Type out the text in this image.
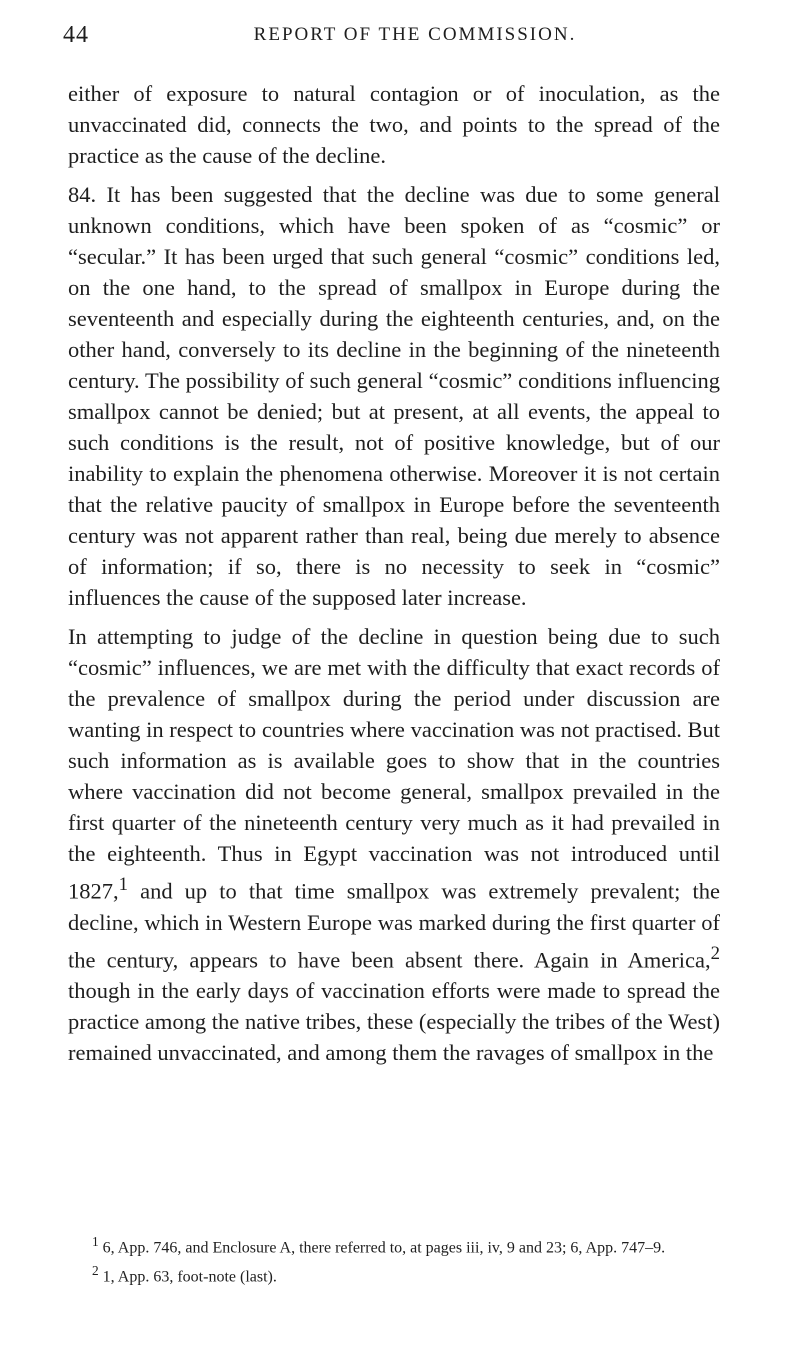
44	REPORT OF THE COMMISSION.

either of exposure to natural contagion or of inoculation, as the unvaccinated did, connects the two, and points to the spread of the practice as the cause of the decline.

84. It has been suggested that the decline was due to some general unknown conditions, which have been spoken of as “cosmic” or “secular.” It has been urged that such general “cosmic” conditions led, on the one hand, to the spread of smallpox in Europe during the seventeenth and especially during the eighteenth centuries, and, on the other hand, conversely to its decline in the beginning of the nineteenth century. The possibility of such general “cosmic” conditions influencing smallpox cannot be denied; but at present, at all events, the appeal to such conditions is the result, not of positive knowledge, but of our inability to explain the phenomena otherwise. Moreover it is not certain that the relative paucity of smallpox in Europe before the seventeenth century was not apparent rather than real, being due merely to absence of information; if so, there is no necessity to seek in “cosmic” influences the cause of the supposed later increase.

In attempting to judge of the decline in question being due to such “cosmic” influences, we are met with the difficulty that exact records of the prevalence of smallpox during the period under discussion are wanting in respect to countries where vaccination was not practised. But such information as is available goes to show that in the countries where vaccination did not become general, smallpox prevailed in the first quarter of the nineteenth century very much as it had prevailed in the eighteenth. Thus in Egypt vaccination was not introduced until 1827,$^1$ and up to that time smallpox was extremely prevalent; the decline, which in Western Europe was marked during the first quarter of the century, appears to have been absent there. Again in America,$^2$ though in the early days of vaccination efforts were made to spread the practice among the native tribes, these (especially the tribes of the West) remained unvaccinated, and among them the ravages of smallpox in the

$^1$ 6, App. 746, and Enclosure A, there referred to, at pages iii, iv, 9 and 23; 6, App. 747–9.

$^2$ 1, App. 63, foot-note (last).
